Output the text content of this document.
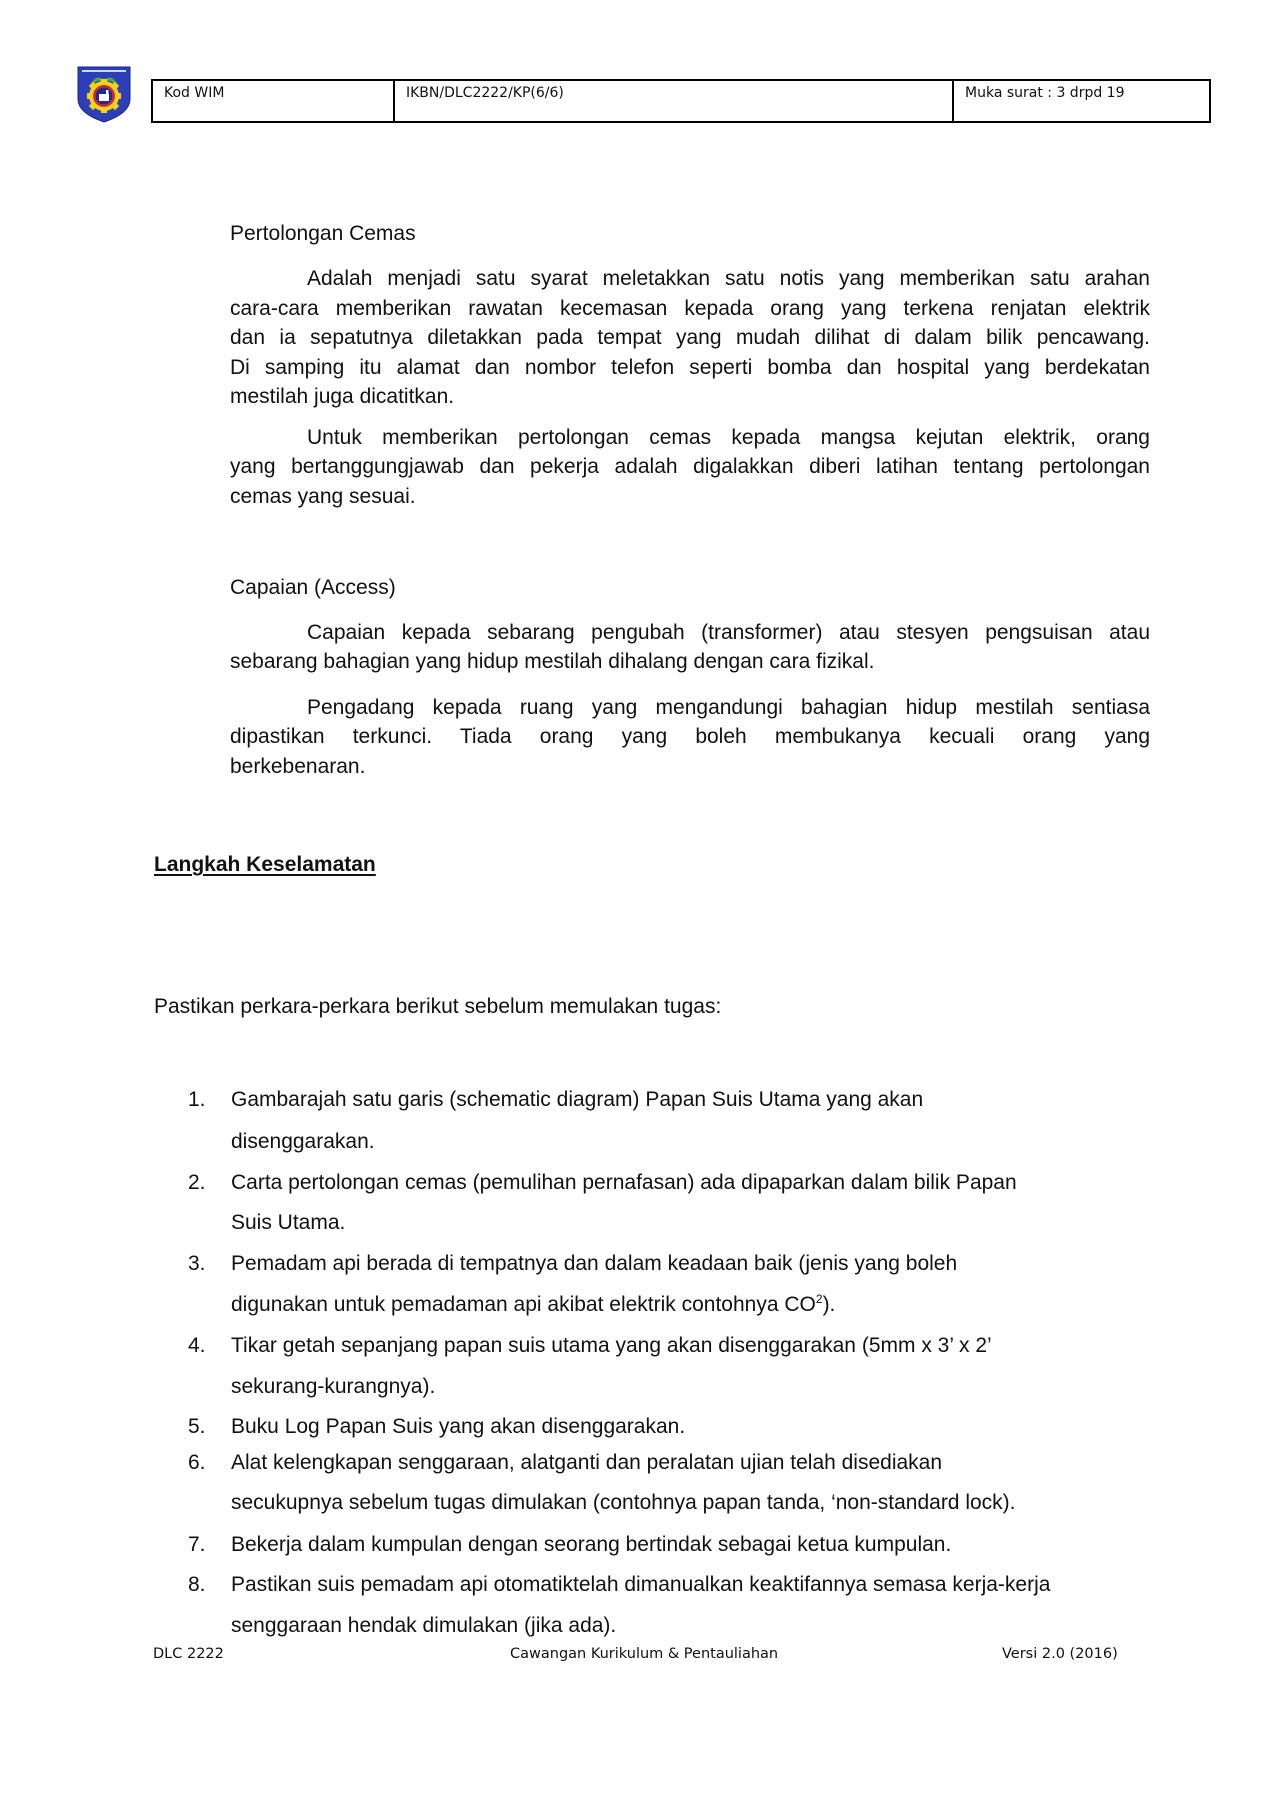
Kod WIM	IKBN/DLC2222/KP(6/6)	Muka surat : 3 drpd 19
Pertolongan Cemas
Adalah menjadi satu syarat meletakkan satu notis yang memberikan satu arahan
cara-cara memberikan rawatan kecemasan kepada orang yang terkena renjatan elektrik
dan ia sepatutnya diletakkan pada tempat yang mudah dilihat di dalam bilik pencawang.
Di samping itu alamat dan nombor telefon seperti bomba dan hospital yang berdekatan
mestilah juga dicatitkan.
Untuk memberikan pertolongan cemas kepada mangsa kejutan elektrik, orang
yang bertanggungjawab dan pekerja adalah digalakkan diberi latihan tentang pertolongan
cemas yang sesuai.
Capaian (Access)
Capaian kepada sebarang pengubah (transformer) atau stesyen pengsuisan atau
sebarang bahagian yang hidup mestilah dihalang dengan cara fizikal.
Pengadang kepada ruang yang mengandungi bahagian hidup mestilah sentiasa
dipastikan terkunci. Tiada orang yang boleh membukanya kecuali orang yang
berkebenaran.
Langkah Keselamatan
Pastikan perkara-perkara berikut sebelum memulakan tugas:
1. Gambarajah satu garis (schematic diagram) Papan Suis Utama yang akan
disenggarakan.
2. Carta pertolongan cemas (pemulihan pernafasan) ada dipaparkan dalam bilik Papan
Suis Utama.
3. Pemadam api berada di tempatnya dan dalam keadaan baik (jenis yang boleh
digunakan untuk pemadaman api akibat elektrik contohnya $CO^2$).
4. Tikar getah sepanjang papan suis utama yang akan disenggarakan (5mm x 3’ x 2’
sekurang-kurangnya).
5. Buku Log Papan Suis yang akan disenggarakan.
6. Alat kelengkapan senggaraan, alatganti dan peralatan ujian telah disediakan
secukupnya sebelum tugas dimulakan (contohnya papan tanda, ‘non-standard lock).
7. Bekerja dalam kumpulan dengan seorang bertindak sebagai ketua kumpulan.
8. Pastikan suis pemadam api otomatiktelah dimanualkan keaktifannya semasa kerja-kerja
senggaraan hendak dimulakan (jika ada).
DLC 2222	Cawangan Kurikulum & Pentauliahan	Versi 2.0 (2016)
